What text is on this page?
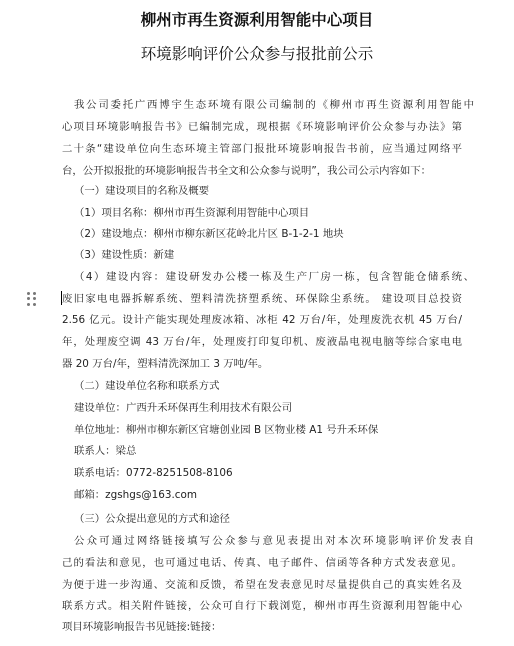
柳州市再生资源利用智能中心项目
环境影响评价公众参与报批前公示
我公司委托广西博宇生态环境有限公司编制的《柳州市再生资源利用智能中
心项目环境影响报告书》已编制完成，现根据《环境影响评价公众参与办法》第
二十条“建设单位向生态环境主管部门报批环境影响报告书前，应当通过网络平
台，公开拟报批的环境影响报告书全文和公众参与说明”，我公司公示内容如下：
（一）建设项目的名称及概要
（1）项目名称：柳州市再生资源利用智能中心项目
（2）建设地点：柳州市柳东新区花岭北片区 B-1-2-1 地块
（3）建设性质：新建
（4）建设内容：建设研发办公楼一栋及生产厂房一栋，包含智能仓储系统、
废旧家电电器拆解系统、塑料清洗挤塑系统、环保除尘系统。 建设项目总投资
2.56 亿元。设计产能实现处理废冰箱、冰柜 42 万台/年，处理废洗衣机 45 万台/
年，处理废空调 43 万台/年，处理废打印复印机、废液晶电视电脑等综合家电电
器 20 万台/年，塑料清洗深加工 3 万吨/年。
（二）建设单位名称和联系方式
建设单位：广西升禾环保再生利用技术有限公司
单位地址：柳州市柳东新区官塘创业园 B 区物业楼 A1 号升禾环保
联系人：梁总
联系电话：0772-8251508-8106
邮箱：zgshgs@163.com
（三）公众提出意见的方式和途径
公众可通过网络链接填写公众参与意见表提出对本次环境影响评价发表自
己的看法和意见，也可通过电话、传真、电子邮件、信函等各种方式发表意见。
为便于进一步沟通、交流和反馈，希望在发表意见时尽量提供自己的真实姓名及
联系方式。相关附件链接，公众可自行下载浏览，柳州市再生资源利用智能中心
项目环境影响报告书见链接:链接：
